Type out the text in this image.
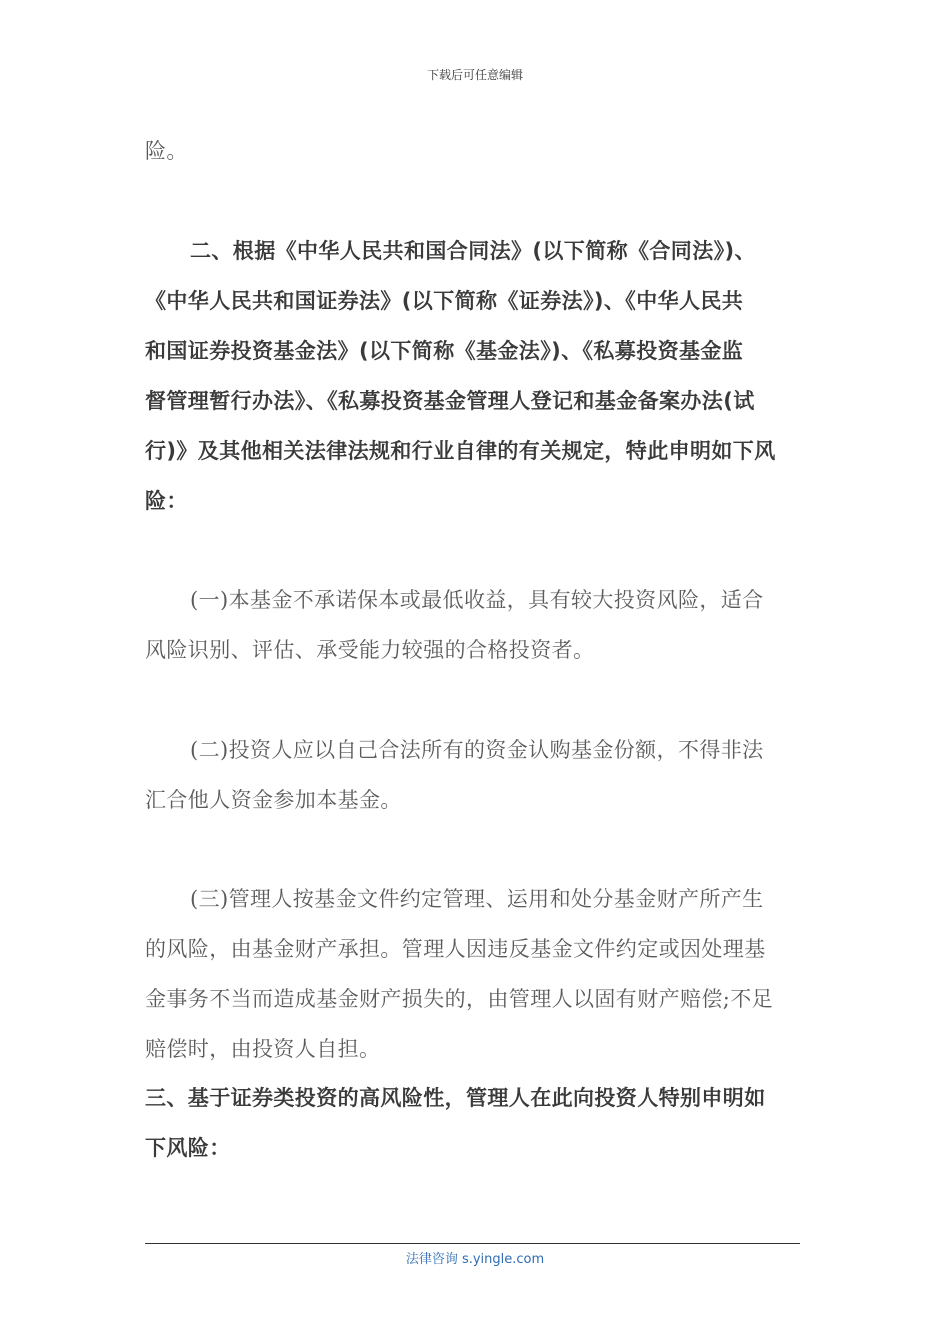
下载后可任意编辑
险。
二、根据《中华人民共和国合同法》(以下简称《合同法》)、
《中华人民共和国证券法》(以下简称《证券法》)、《中华人民共
和国证券投资基金法》(以下简称《基金法》)、《私募投资基金监
督管理暂行办法》、《私募投资基金管理人登记和基金备案办法(试
行)》及其他相关法律法规和行业自律的有关规定，特此申明如下风
险：
(一)本基金不承诺保本或最低收益，具有较大投资风险，适合
风险识别、评估、承受能力较强的合格投资者。
(二)投资人应以自己合法所有的资金认购基金份额，不得非法
汇合他人资金参加本基金。
(三)管理人按基金文件约定管理、运用和处分基金财产所产生
的风险，由基金财产承担。管理人因违反基金文件约定或因处理基
金事务不当而造成基金财产损失的，由管理人以固有财产赔偿;不足
赔偿时，由投资人自担。
三、基于证券类投资的高风险性，管理人在此向投资人特别申明如
下风险：
法律咨询 s.yingle.com
